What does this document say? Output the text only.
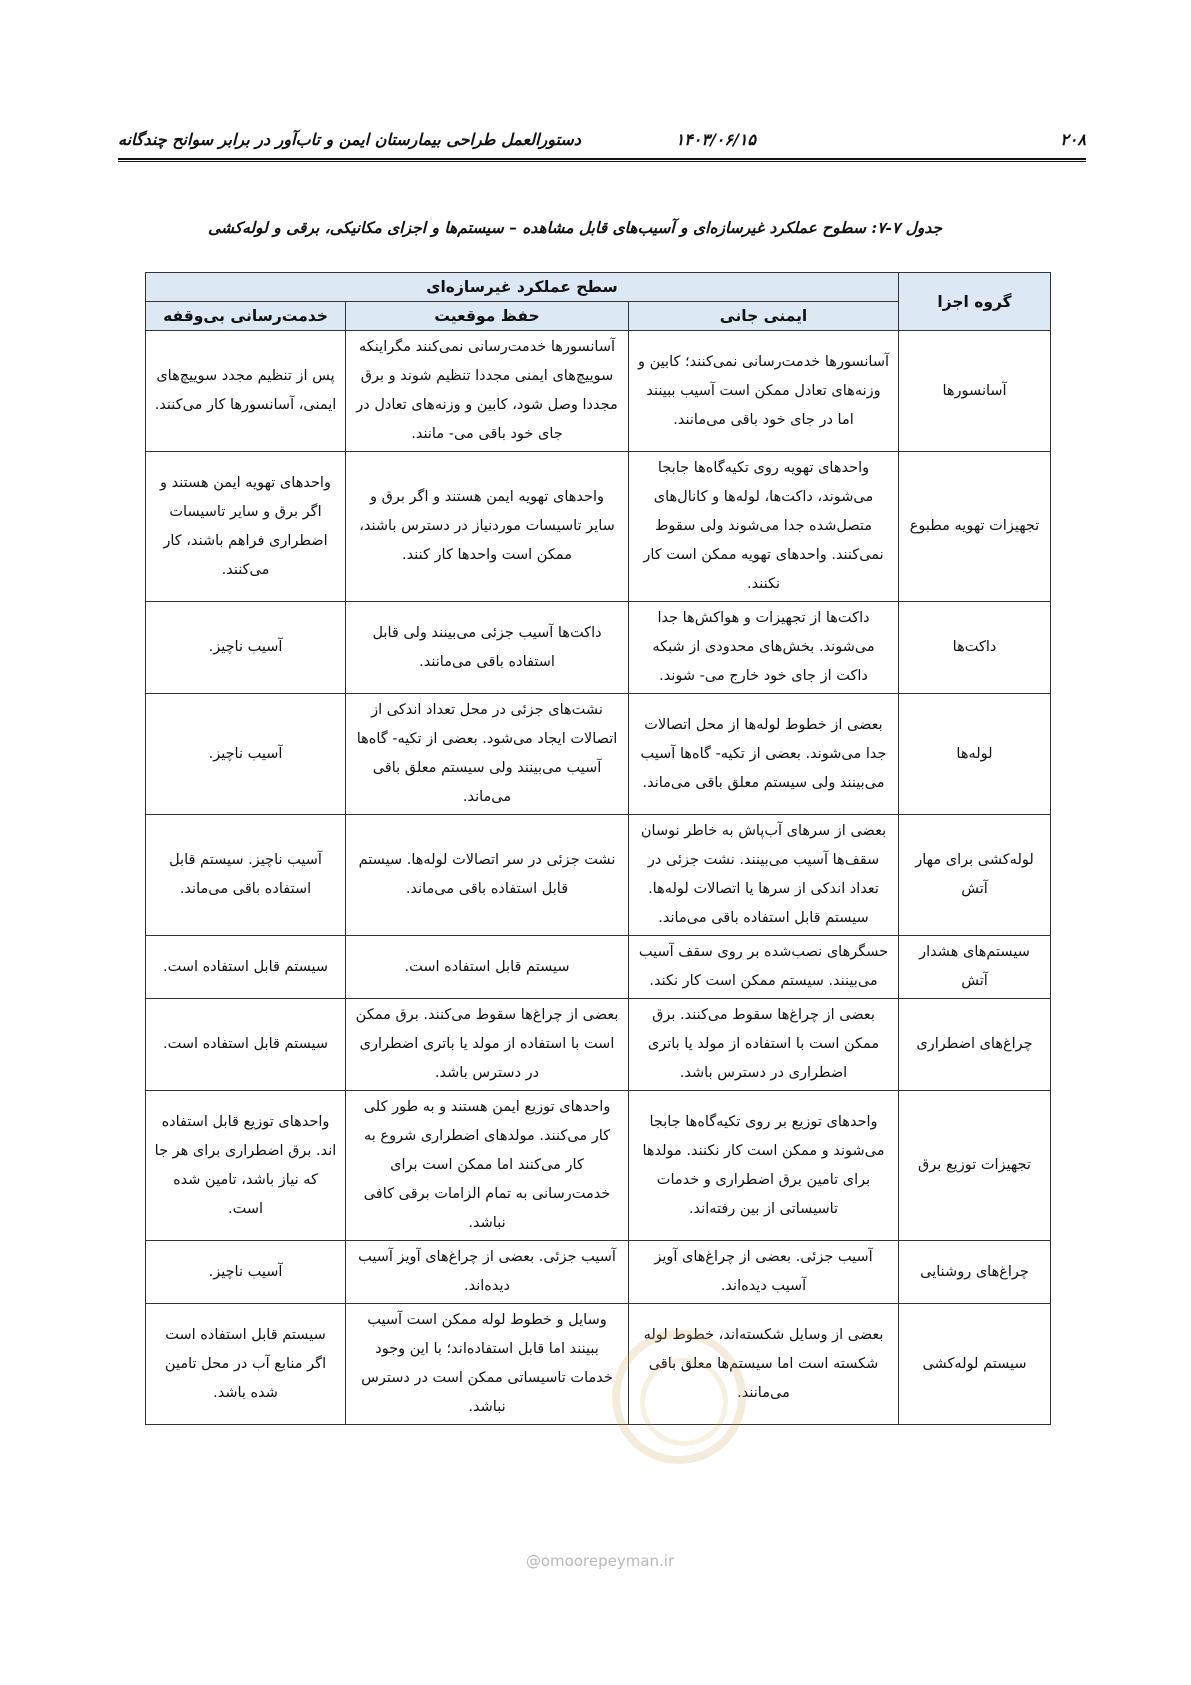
۲۰۸
۱۴۰۳/۰۶/۱۵
دستورالعمل طراحی بیمارستان ایمن و تاب‌آور در برابر سوانح چندگانه
جدول ۷-۷: سطوح عملکرد غیرسازه‌ای و آسیب‌های قابل مشاهده – سیستم‌ها و اجزای مکانیکی، برقی و لوله‌کشی
گروه اجزا	سطح عملکرد غیرسازه‌ای		
	ایمنی جانی	حفظ موقعیت	خدمت‌رسانی بی‌وقفه
آسانسورها	آسانسورها خدمت‌رسانی نمی‌کنند؛ کابین و وزنه‌های تعادل ممکن است آسیب ببینند اما در جای خود باقی می‌مانند.	آسانسورها خدمت‌رسانی نمی‌کنند مگراینکه سوییچ‌های ایمنی مجددا تنظیم شوند و برق مجددا وصل شود، کابین و وزنه‌های تعادل در جای خود باقی می- مانند.	پس از تنظیم مجدد سوییچ‌های ایمنی، آسانسورها کار می‌کنند.
تجهیزات تهویه مطبوع	واحدهای تهویه روی تکیه‌گاه‌ها جابجا می‌شوند، داکت‌ها، لوله‌ها و کانال‌های متصل‌شده جدا می‌شوند ولی سقوط نمی‌کنند. واحدهای تهویه ممکن است کار نکنند.	واحدهای تهویه ایمن هستند و اگر برق و سایر تاسیسات موردنیاز در دسترس باشند، ممکن است واحدها کار کنند.	واحدهای تهویه ایمن هستند و اگر برق و سایر تاسیسات اضطراری فراهم باشند، کار می‌کنند.
داکت‌ها	داکت‌ها از تجهیزات و هواکش‌ها جدا می‌شوند. بخش‌های محدودی از شبکه داکت از جای خود خارج می- شوند.	داکت‌ها آسیب جزئی می‌بینند ولی قابل استفاده باقی می‌مانند.	آسیب ناچیز.
لوله‌ها	بعضی از خطوط لوله‌ها از محل اتصالات جدا می‌شوند. بعضی از تکیه- گاه‌ها آسیب می‌بینند ولی سیستم معلق باقی می‌ماند.	نشت‌های جزئی در محل تعداد اندکی از اتصالات ایجاد می‌شود. بعضی از تکیه- گاه‌ها آسیب می‌بینند ولی سیستم معلق باقی می‌ماند.	آسیب ناچیز.
لوله‌کشی برای مهار آتش	بعضی از سرهای آب‌پاش به خاطر نوسان سقف‌ها آسیب می‌بینند. نشت جزئی در تعداد اندکی از سرها یا اتصالات لوله‌ها. سیستم قابل استفاده باقی می‌ماند.	نشت جزئی در سر اتصالات لوله‌ها. سیستم قابل استفاده باقی می‌ماند.	آسیب ناچیز. سیستم قابل استفاده باقی می‌ماند.
سیستم‌های هشدار آتش	حسگرهای نصب‌شده بر روی سقف آسیب می‌بینند. سیستم ممکن است کار نکند.	سیستم قابل استفاده است.	سیستم قابل استفاده است.
چراغ‌های اضطراری	بعضی از چراغ‌ها سقوط می‌کنند. برق ممکن است با استفاده از مولد یا باتری اضطراری در دسترس باشد.	بعضی از چراغ‌ها سقوط می‌کنند. برق ممکن است با استفاده از مولد یا باتری اضطراری در دسترس باشد.	سیستم قابل استفاده است.
تجهیزات توزیع برق	واحدهای توزیع بر روی تکیه‌گاه‌ها جابجا می‌شوند و ممکن است کار نکنند. مولدها برای تامین برق اضطراری و خدمات تاسیساتی از بین رفته‌اند.	واحدهای توزیع ایمن هستند و به طور کلی کار می‌کنند. مولدهای اضطراری شروع به کار می‌کنند اما ممکن است برای خدمت‌رسانی به تمام الزامات برقی کافی نباشد.	واحدهای توزیع قابل استفاده اند. برق اضطراری برای هر جا که نیاز باشد، تامین شده است.
چراغ‌های روشنایی	آسیب جزئی. بعضی از چراغ‌های آویز آسیب دیده‌اند.	آسیب جزئی. بعضی از چراغ‌های آویز آسیب دیده‌اند.	آسیب ناچیز.
سیستم لوله‌کشی	بعضی از وسایل شکسته‌اند، خطوط لوله شکسته است اما سیستم‌ها معلق باقی می‌مانند.	وسایل و خطوط لوله ممکن است آسیب ببینند اما قابل استفاده‌اند؛ با این وجود خدمات تاسیساتی ممکن است در دسترس نباشد.	سیستم قابل استفاده است اگر منابع آب در محل تامین شده باشد.
@omoorepeyman.ir
